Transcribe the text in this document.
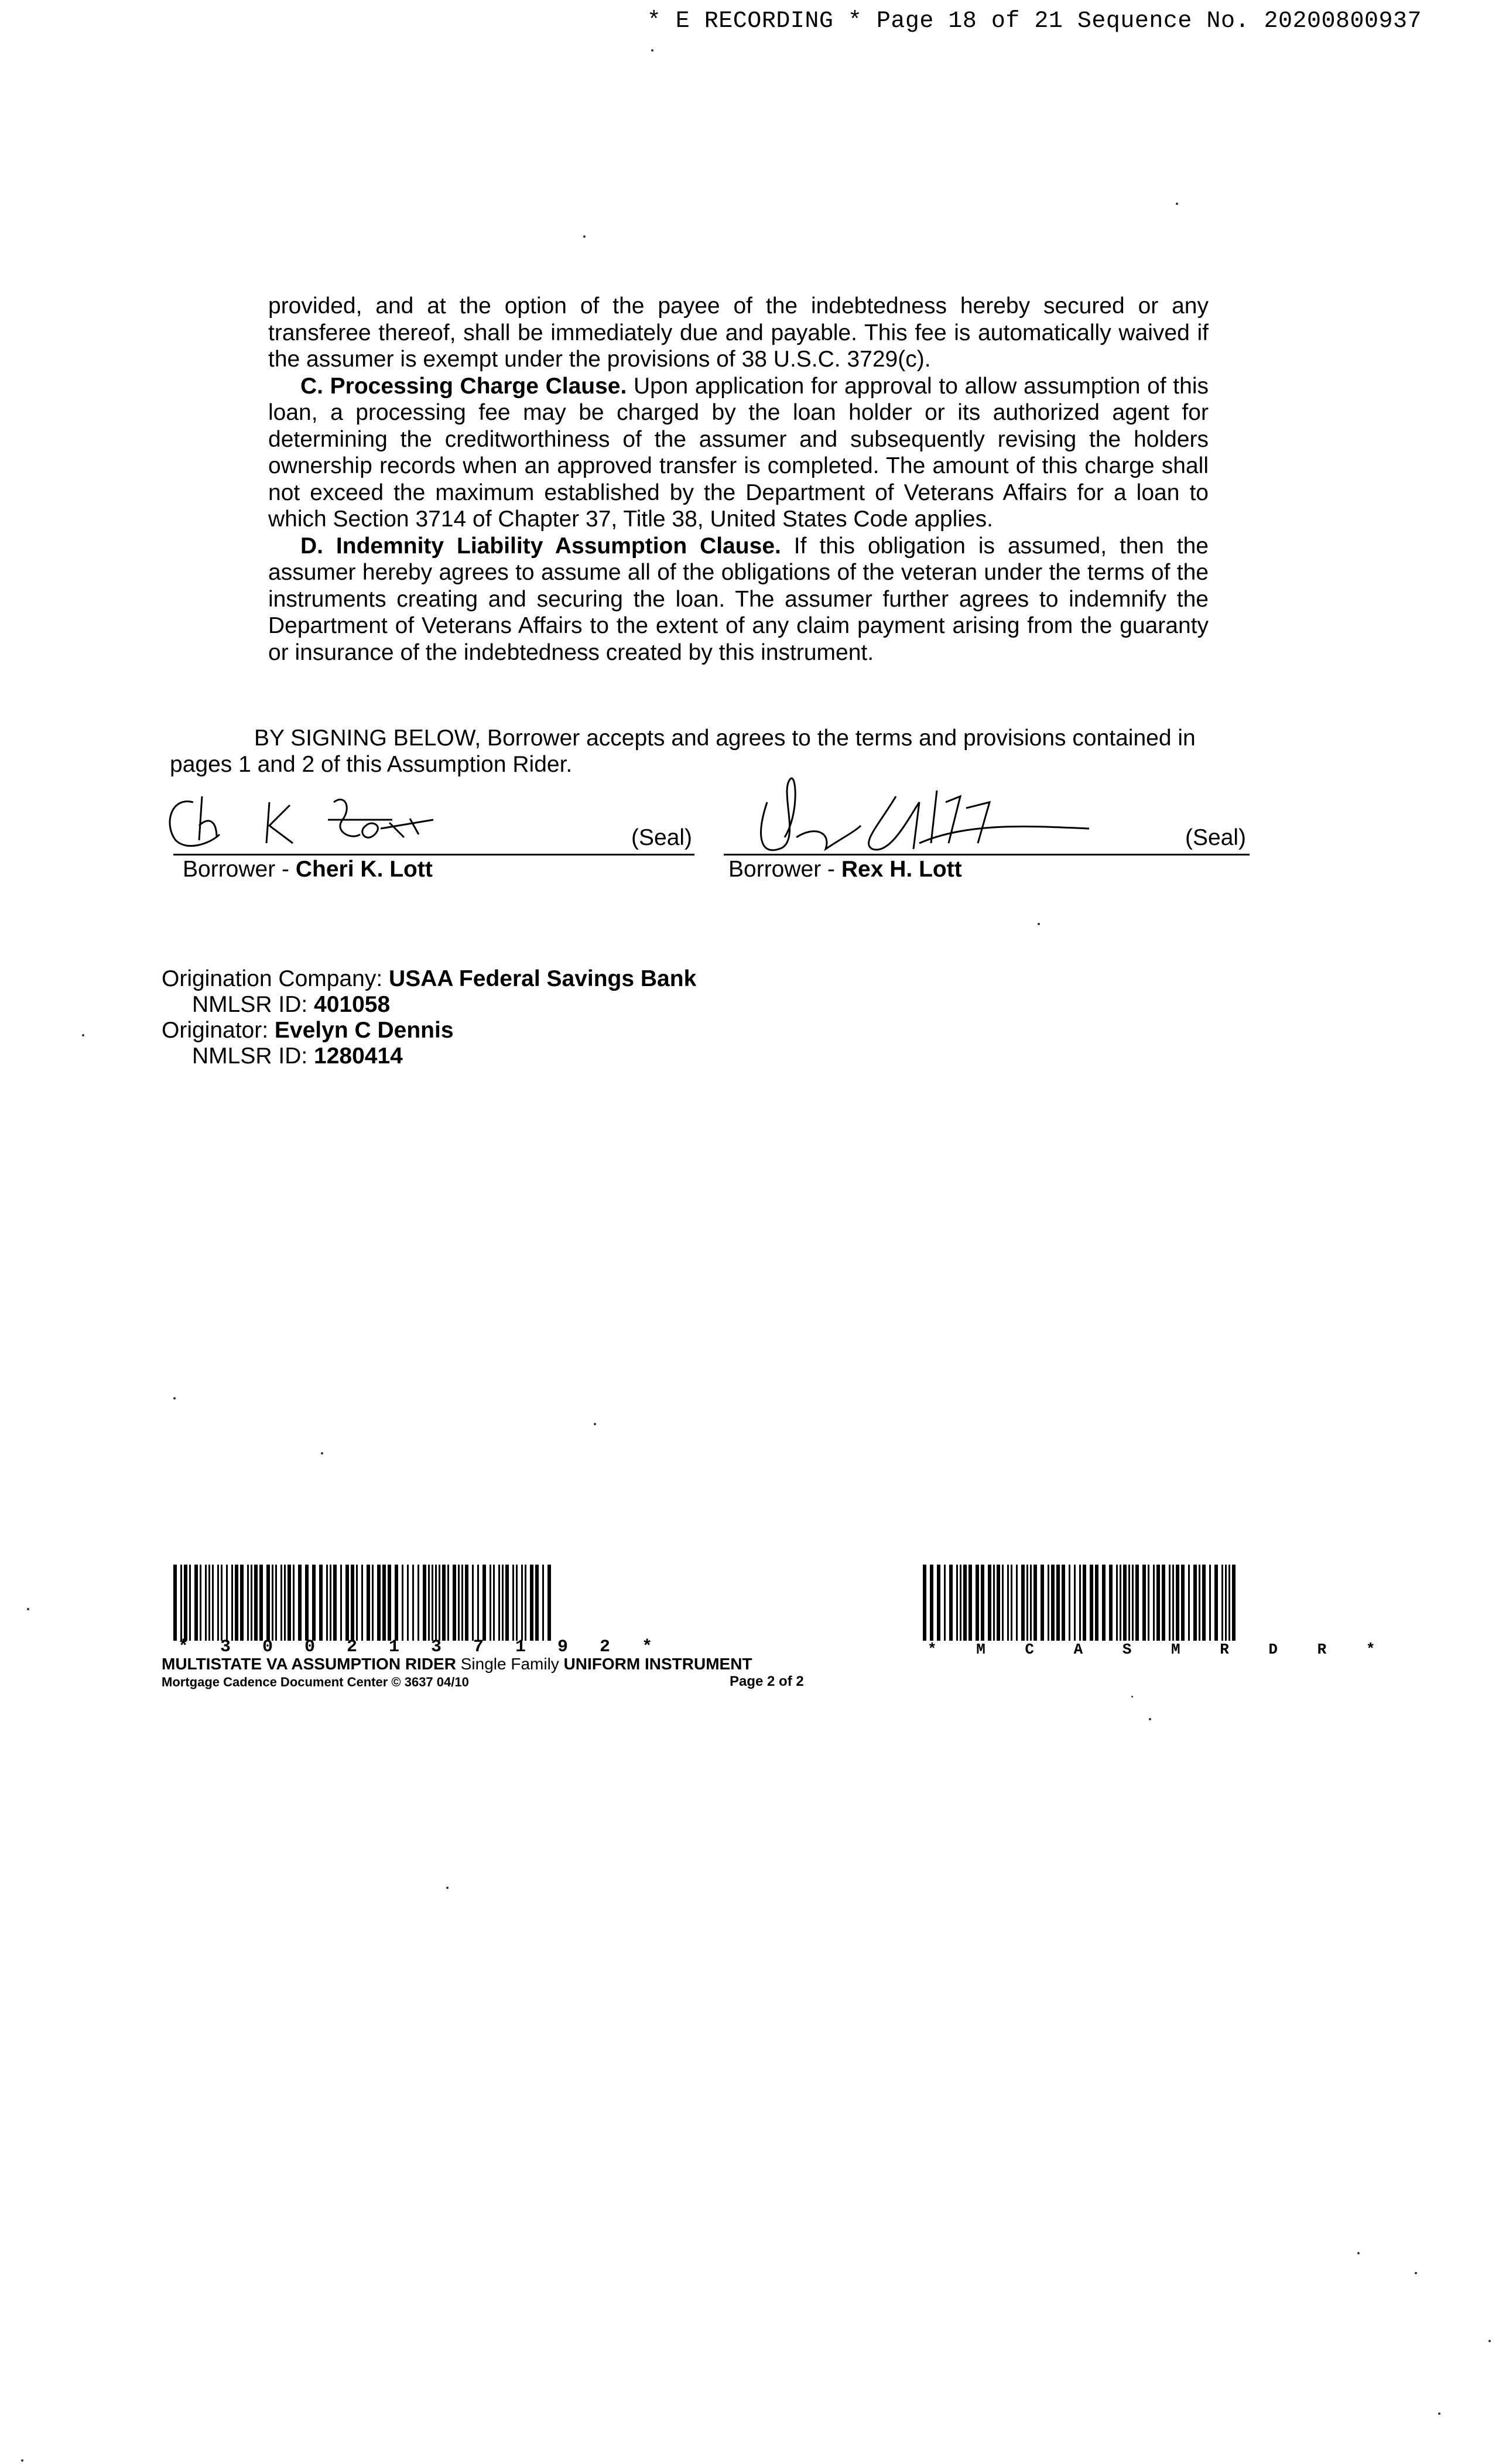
* E RECORDING * Page 18 of 21 Sequence No. 20200800937

provided, and at the option of the payee of the indebtedness hereby secured or any transferee thereof, shall be immediately due and payable. This fee is automatically waived if the assumer is exempt under the provisions of 38 U.S.C. 3729(c).

C. Processing Charge Clause. Upon application for approval to allow assumption of this loan, a processing fee may be charged by the loan holder or its authorized agent for determining the creditworthiness of the assumer and subsequently revising the holders ownership records when an approved transfer is completed. The amount of this charge shall not exceed the maximum established by the Department of Veterans Affairs for a loan to which Section 3714 of Chapter 37, Title 38, United States Code applies.

D. Indemnity Liability Assumption Clause. If this obligation is assumed, then the assumer hereby agrees to assume all of the obligations of the veteran under the terms of the instruments creating and securing the loan. The assumer further agrees to indemnify the Department of Veterans Affairs to the extent of any claim payment arising from the guaranty or insurance of the indebtedness created by this instrument.

BY SIGNING BELOW, Borrower accepts and agrees to the terms and provisions contained in
pages 1 and 2 of this Assumption Rider.
(Seal)
Borrower - Cheri K. Lott
(Seal)
Borrower - Rex H. Lott
Origination Company: USAA Federal Savings Bank
NMLSR ID: 401058
Originator: Evelyn C Dennis
NMLSR ID: 1280414
* 3 0 0 2 1 3 7 1 9 2 *	* M C A S M R D R *
MULTISTATE VA ASSUMPTION RIDER Single Family UNIFORM INSTRUMENT
Mortgage Cadence Document Center © 3637 04/10	Page 2 of 2
